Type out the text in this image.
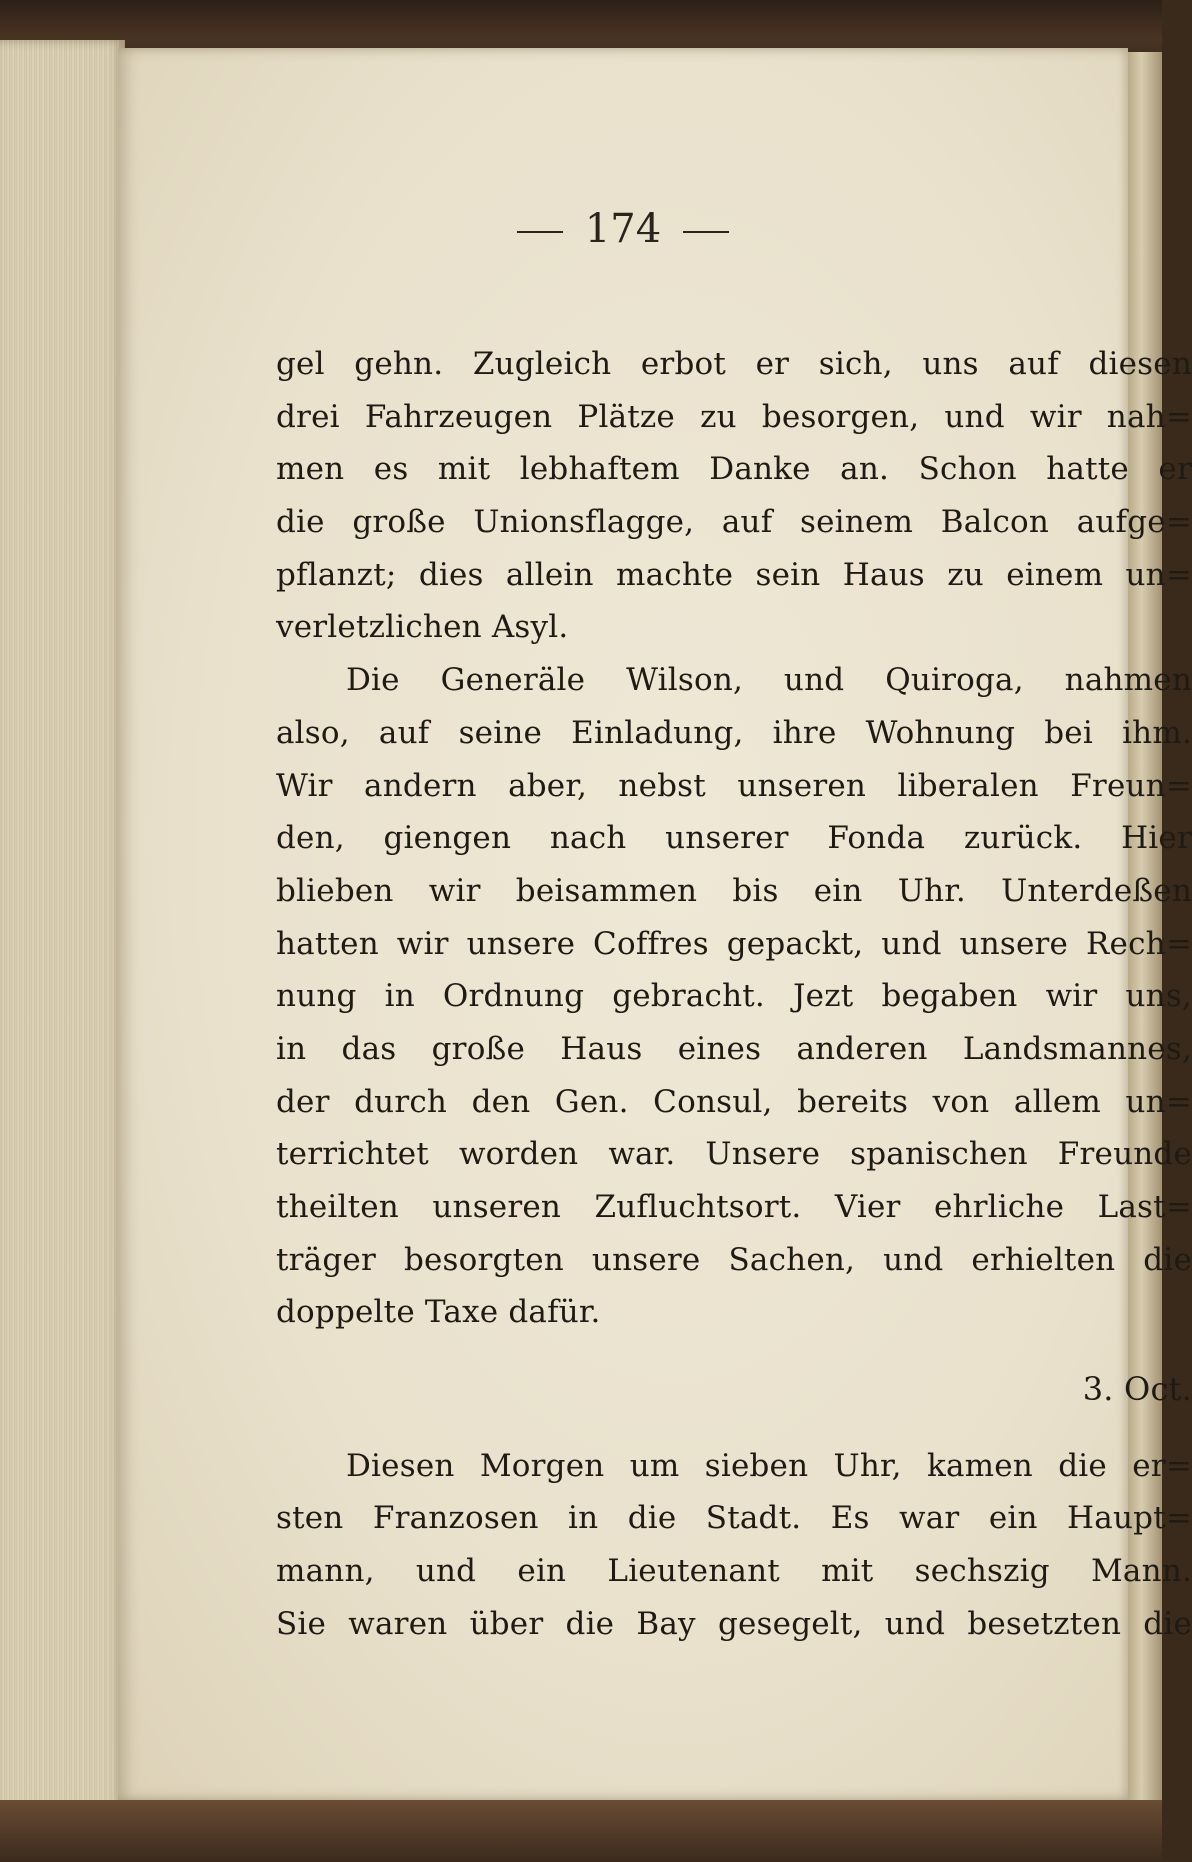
174
gel gehn. Zugleich erbot er sich, uns auf diesen
drei Fahrzeugen Plätze zu besorgen, und wir nah=
men es mit lebhaftem Danke an. Schon hatte er
die große Unionsflagge, auf seinem Balcon aufge=
pflanzt; dies allein machte sein Haus zu einem un=
verletzlichen Asyl.
Die Generäle Wilson, und Quiroga, nahmen
also, auf seine Einladung, ihre Wohnung bei ihm.
Wir andern aber, nebst unseren liberalen Freun=
den, giengen nach unserer Fonda zurück. Hier
blieben wir beisammen bis ein Uhr. Unterdeßen
hatten wir unsere Coffres gepackt, und unsere Rech=
nung in Ordnung gebracht. Jezt begaben wir uns,
in das große Haus eines anderen Landsmannes,
der durch den Gen. Consul, bereits von allem un=
terrichtet worden war. Unsere spanischen Freunde
theilten unseren Zufluchtsort. Vier ehrliche Last=
träger besorgten unsere Sachen, und erhielten die
doppelte Taxe dafür.
3. Oct.
Diesen Morgen um sieben Uhr, kamen die er=
sten Franzosen in die Stadt. Es war ein Haupt=
mann, und ein Lieutenant mit sechszig Mann.
Sie waren über die Bay gesegelt, und besetzten die
